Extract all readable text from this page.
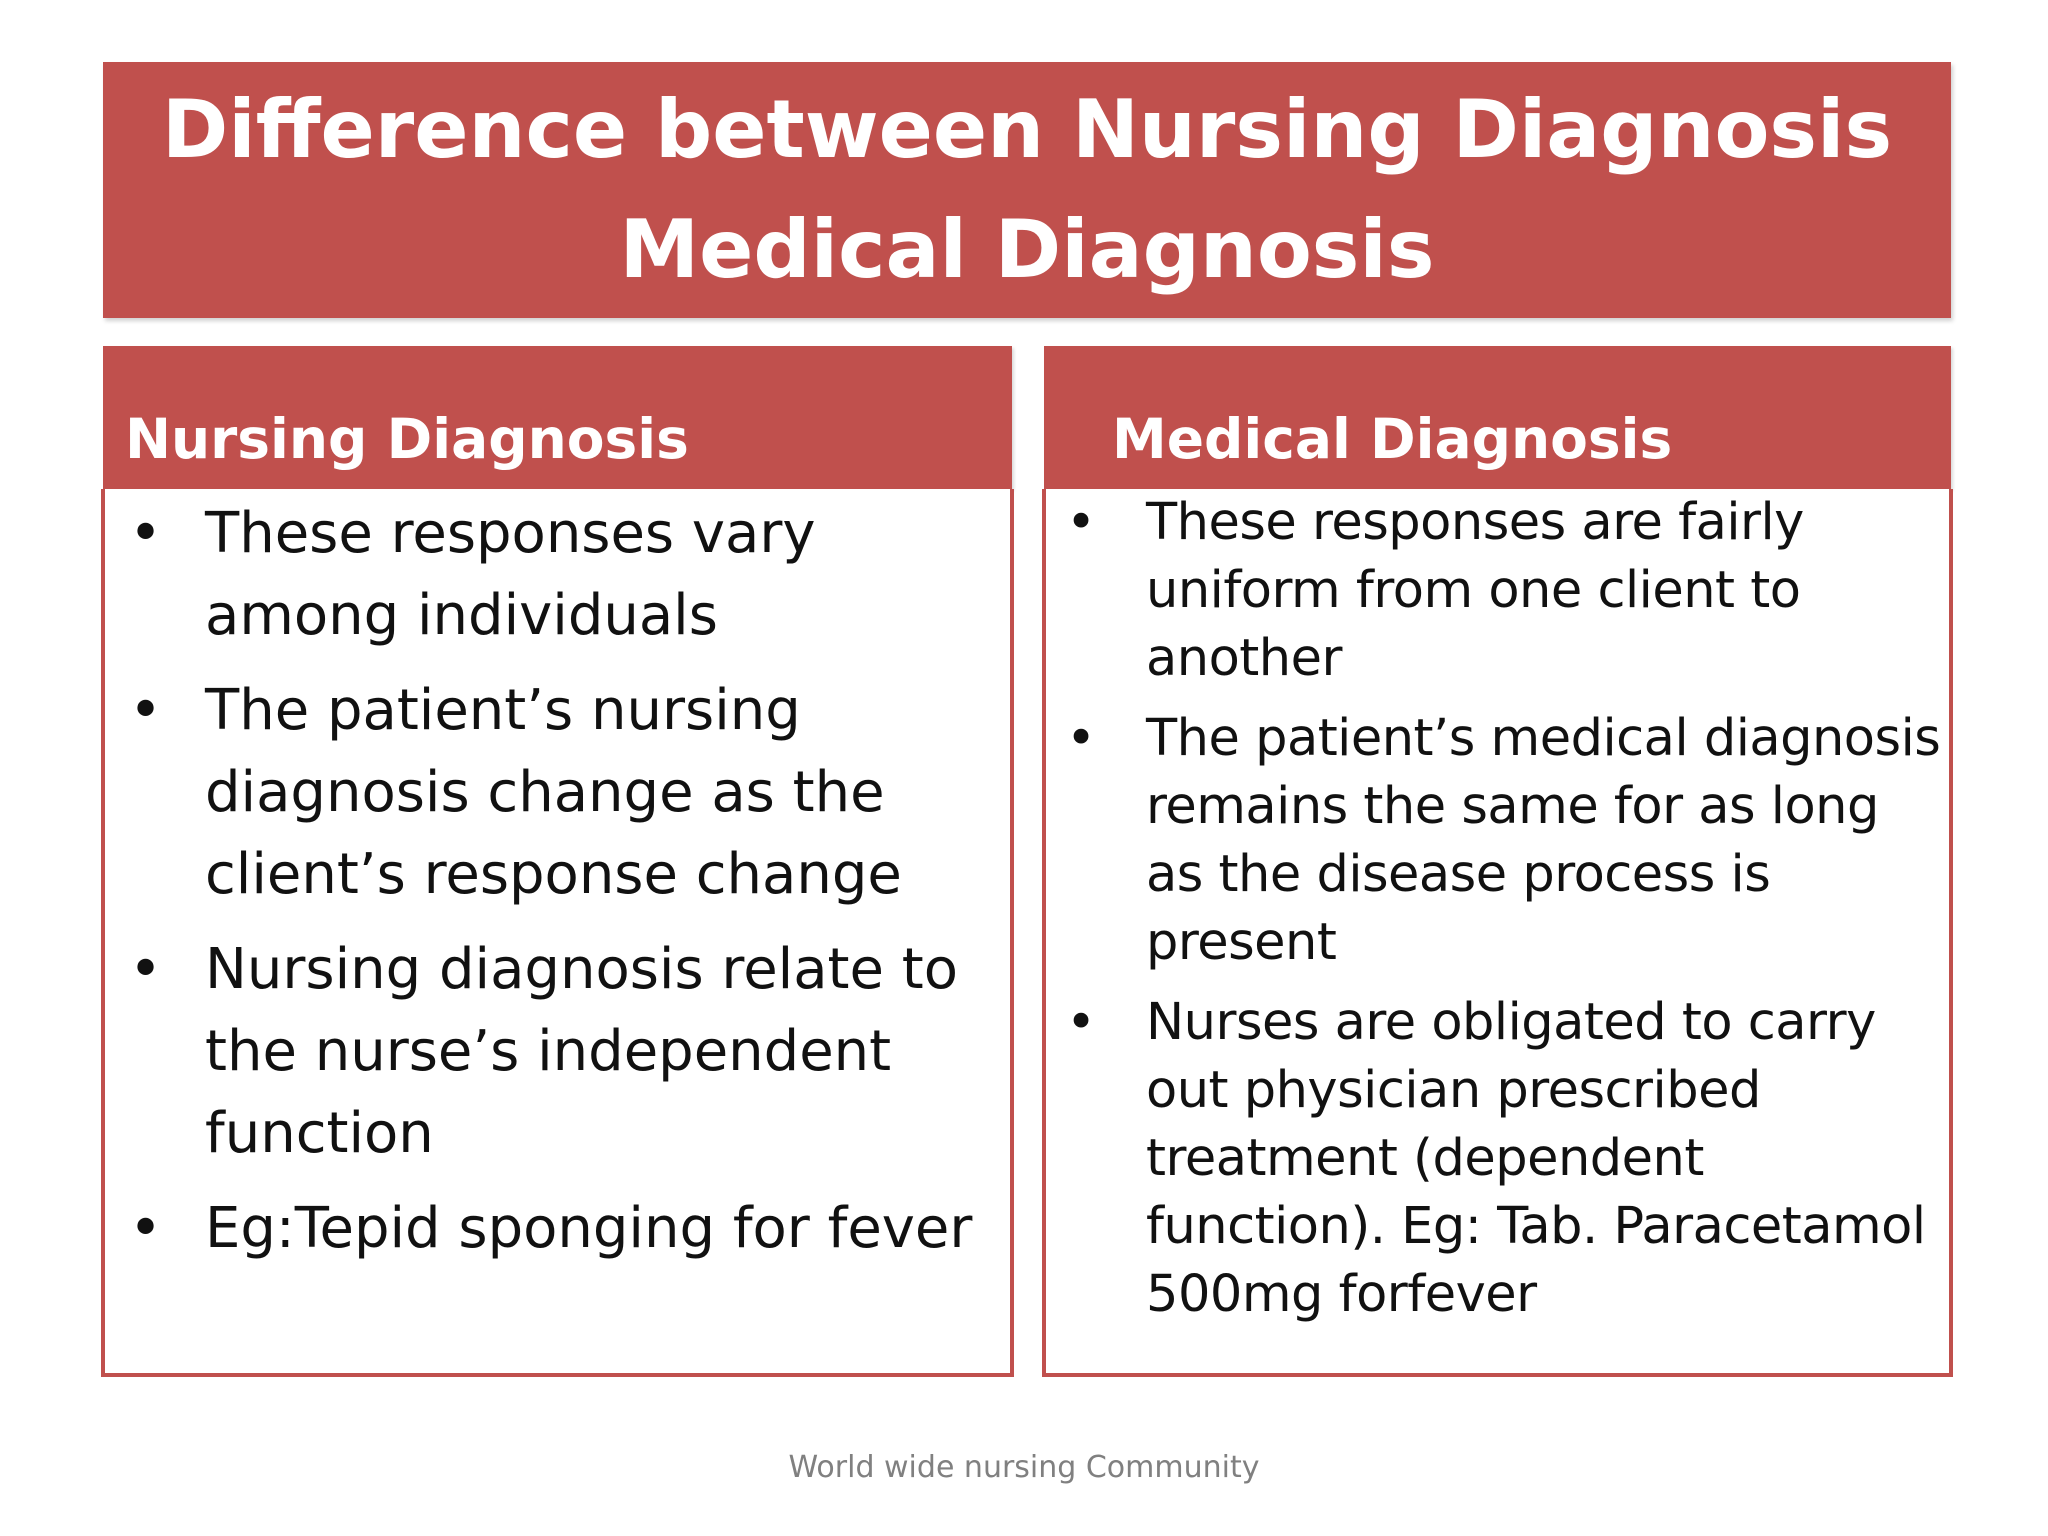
Difference between Nursing Diagnosis
Medical Diagnosis
Nursing Diagnosis	Medical Diagnosis
• These responses vary among individuals
• The patient’s nursing diagnosis change as the client’s response change
• Nursing diagnosis relate to the nurse’s independent function
• Eg:Tepid sponging for fever
• These responses are fairly uniform from one client to another
• The patient’s medical diagnosis remains the same for as long as the disease process is present
• Nurses are obligated to carry out physician prescribed treatment (dependent function). Eg: Tab. Paracetamol 500mg forfever
World wide nursing Community
